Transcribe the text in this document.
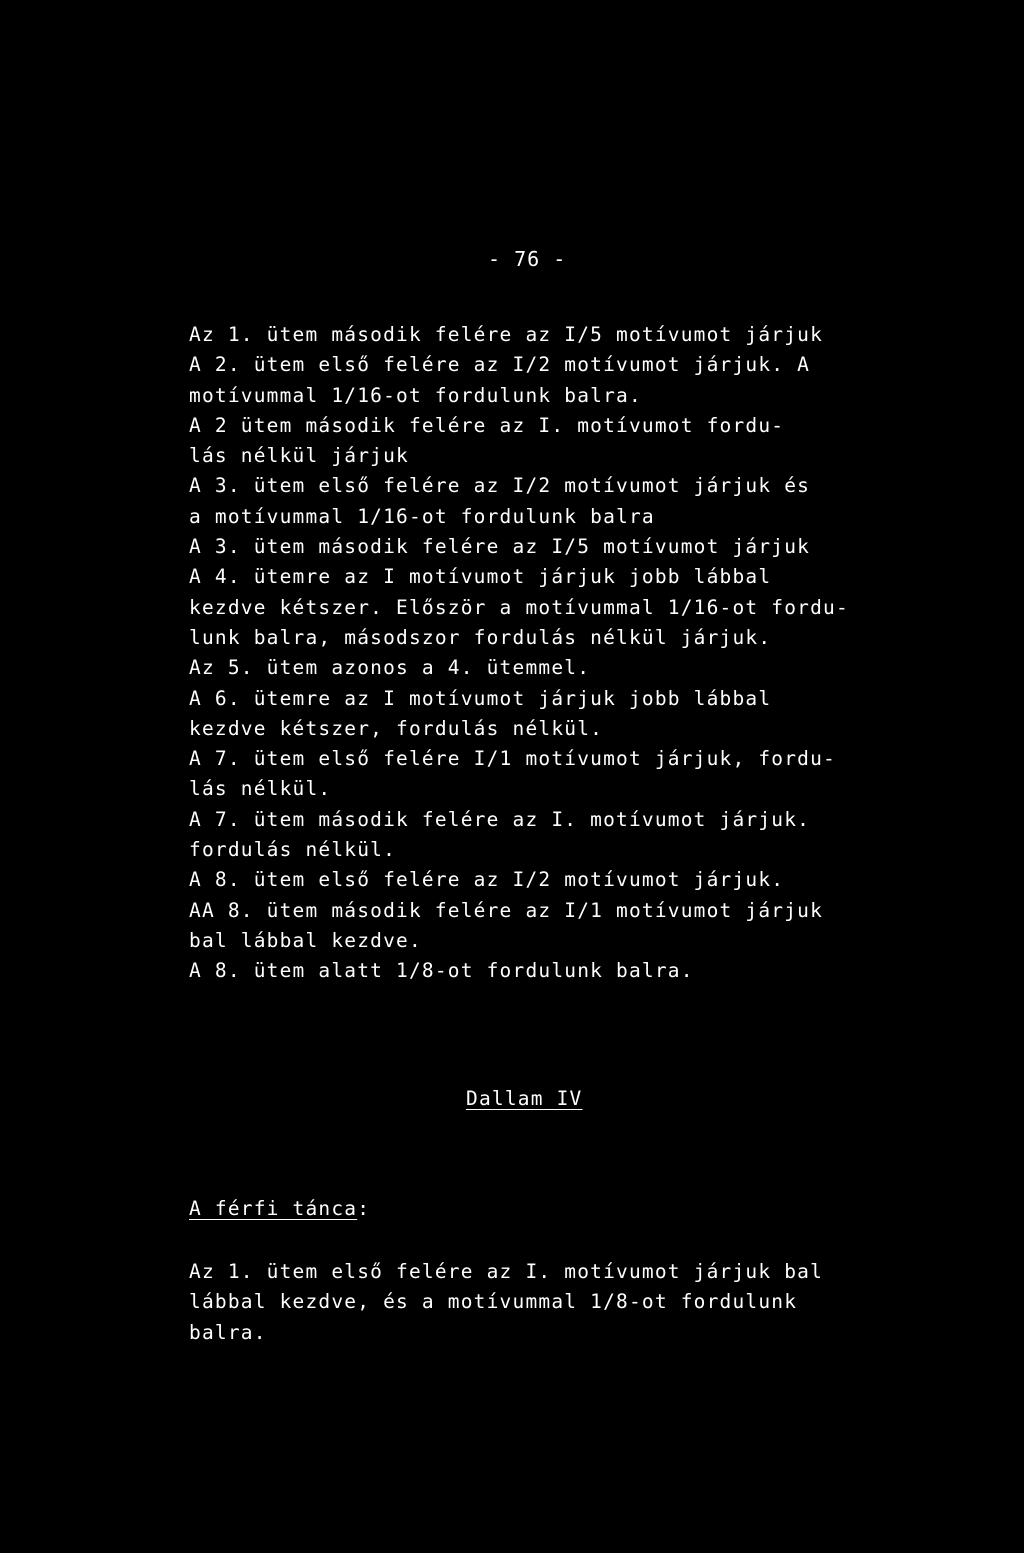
- 76 -
Az 1. ütem második felére az I/5 motívumot járjuk
A 2. ütem első felére az I/2 motívumot járjuk. A
motívummal 1/16-ot fordulunk balra.
A 2 ütem második felére az I. motívumot fordu-
lás nélkül járjuk
A 3. ütem első felére az I/2 motívumot járjuk és
a motívummal 1/16-ot fordulunk balra
A 3. ütem második felére az I/5 motívumot járjuk
A 4. ütemre az I motívumot járjuk jobb lábbal
kezdve kétszer. Először a motívummal 1/16-ot fordu-
lunk balra, másodszor fordulás nélkül járjuk.
Az 5. ütem azonos a 4. ütemmel.
A 6. ütemre az I motívumot járjuk jobb lábbal
kezdve kétszer, fordulás nélkül.
A 7. ütem első felére I/1 motívumot járjuk, fordu-
lás nélkül.
A 7. ütem második felére az I. motívumot járjuk.
fordulás nélkül.
A 8. ütem első felére az I/2 motívumot járjuk.
AA 8. ütem második felére az I/1 motívumot járjuk
bal lábbal kezdve.
A 8. ütem alatt 1/8-ot fordulunk balra.
Dallam IV
A férfi tánca:
Az 1. ütem első felére az I. motívumot járjuk bal
lábbal kezdve, és a motívummal 1/8-ot fordulunk
balra.
